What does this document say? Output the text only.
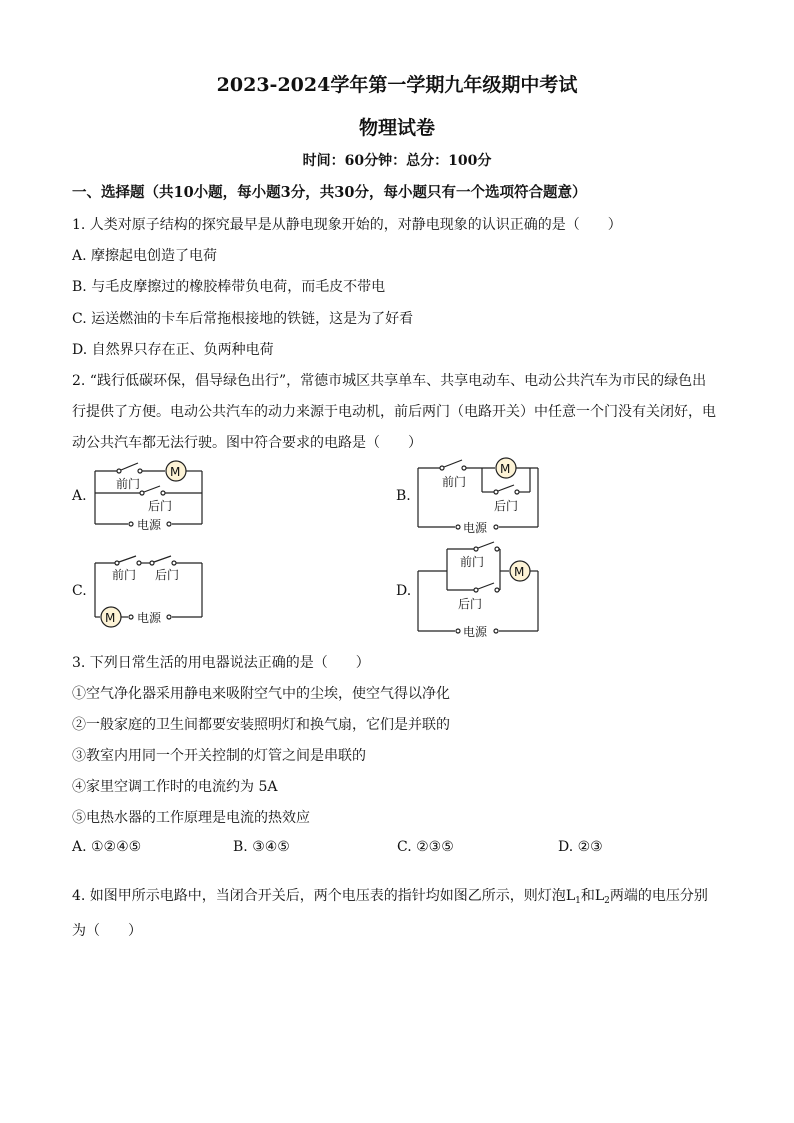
2023-2024学年第一学期九年级期中考试
物理试卷
时间：60分钟：总分：100分
一、选择题（共10小题，每小题3分，共30分，每小题只有一个选项符合题意）
1. 人类对原子结构的探究最早是从静电现象开始的，对静电现象的认识正确的是（　　）
A. 摩擦起电创造了电荷
B. 与毛皮摩擦过的橡胶棒带负电荷，而毛皮不带电
C. 运送燃油的卡车后常拖根接地的铁链，这是为了好看
D. 自然界只存在正、负两种电荷
2. “践行低碳环保，倡导绿色出行”，常德市城区共享单车、共享电动车、电动公共汽车为市民的绿色出
行提供了方便。电动公共汽车的动力来源于电动机，前后两门（电路开关）中任意一个门没有关闭好，电
动公共汽车都无法行驶。图中符合要求的电路是（　　）
A.	B.
C.	D.
M
前门
后门
电源
M
前门
后门
电源
前门 后门
M 电源
前门
后门
M
电源
3. 下列日常生活的用电器说法正确的是（　　）
①空气净化器采用静电来吸附空气中的尘埃，使空气得以净化
②一般家庭的卫生间都要安装照明灯和换气扇，它们是并联的
③教室内用同一个开关控制的灯管之间是串联的
④家里空调工作时的电流约为 5A
⑤电热水器的工作原理是电流的热效应
A. ①②④⑤	B. ③④⑤	C. ②③⑤	D. ②③
4. 如图甲所示电路中，当闭合开关后，两个电压表的指针均如图乙所示，则灯泡$L_1$和$L_2$两端的电压分别
为（　　）
